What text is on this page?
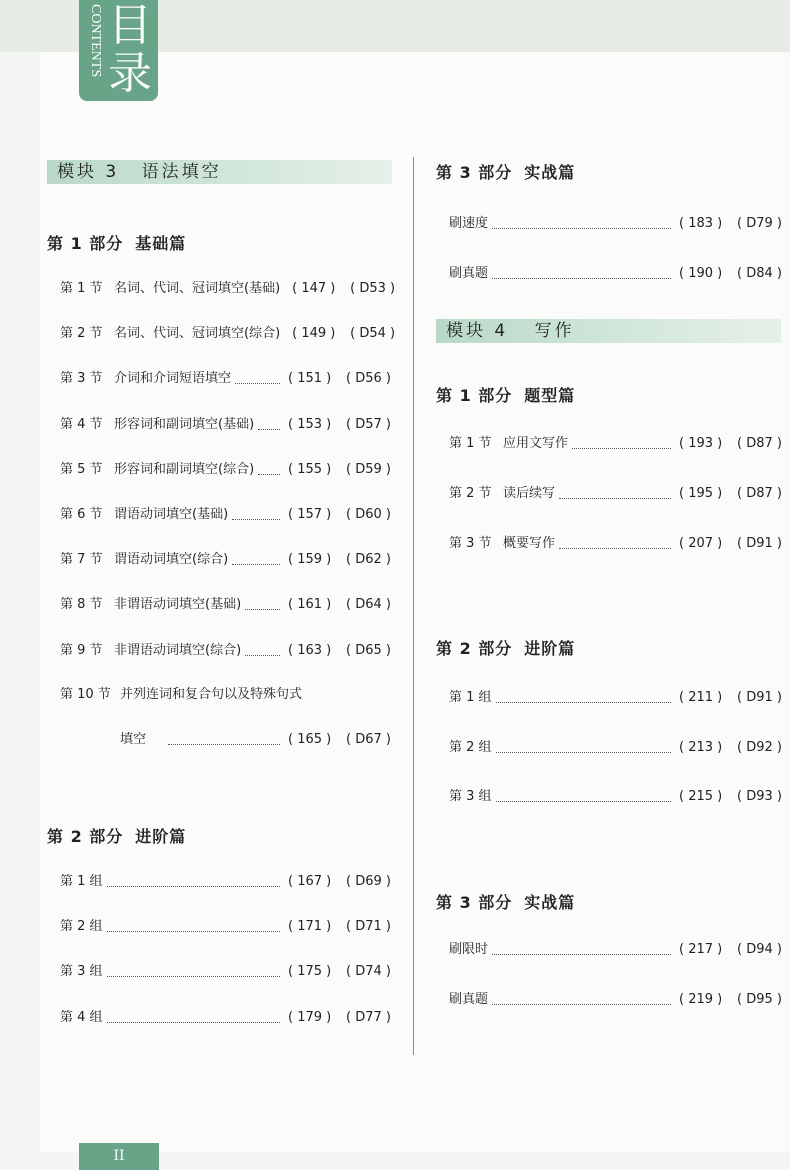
CONTENTS 目录
模块 3 语法填空
第 1 部分 基础篇
第 1 节 名词、代词、冠词填空(基础) ( 147 )	( D53 )
第 2 节 名词、代词、冠词填空(综合) ( 149 )	( D54 )
第 3 节 介词和介词短语填空	( 151 )	( D56 )
第 4 节 形容词和副词填空(基础)	( 153 )	( D57 )
第 5 节 形容词和副词填空(综合)	( 155 )	( D59 )
第 6 节 谓语动词填空(基础)	( 157 )	( D60 )
第 7 节 谓语动词填空(综合)	( 159 )	( D62 )
第 8 节 非谓语动词填空(基础)	( 161 )	( D64 )
第 9 节 非谓语动词填空(综合)	( 163 )	( D65 )
第 10 节 并列连词和复合句以及特殊句式
填空	( 165 )	( D67 )
第 2 部分 进阶篇
第 1 组	( 167 )	( D69 )
第 2 组	( 171 )	( D71 )
第 3 组	( 175 )	( D74 )
第 4 组	( 179 )	( D77 )
第 3 部分 实战篇
刷速度	( 183 )	( D79 )
刷真题	( 190 )	( D84 )
模块 4 写作
第 1 部分 题型篇
第 1 节 应用文写作	( 193 )	( D87 )
第 2 节 读后续写	( 195 )	( D87 )
第 3 节 概要写作	( 207 )	( D91 )
第 2 部分 进阶篇
第 1 组	( 211 )	( D91 )
第 2 组	( 213 )	( D92 )
第 3 组	( 215 )	( D93 )
第 3 部分 实战篇
刷限时	( 217 )	( D94 )
刷真题	( 219 )	( D95 )
II
